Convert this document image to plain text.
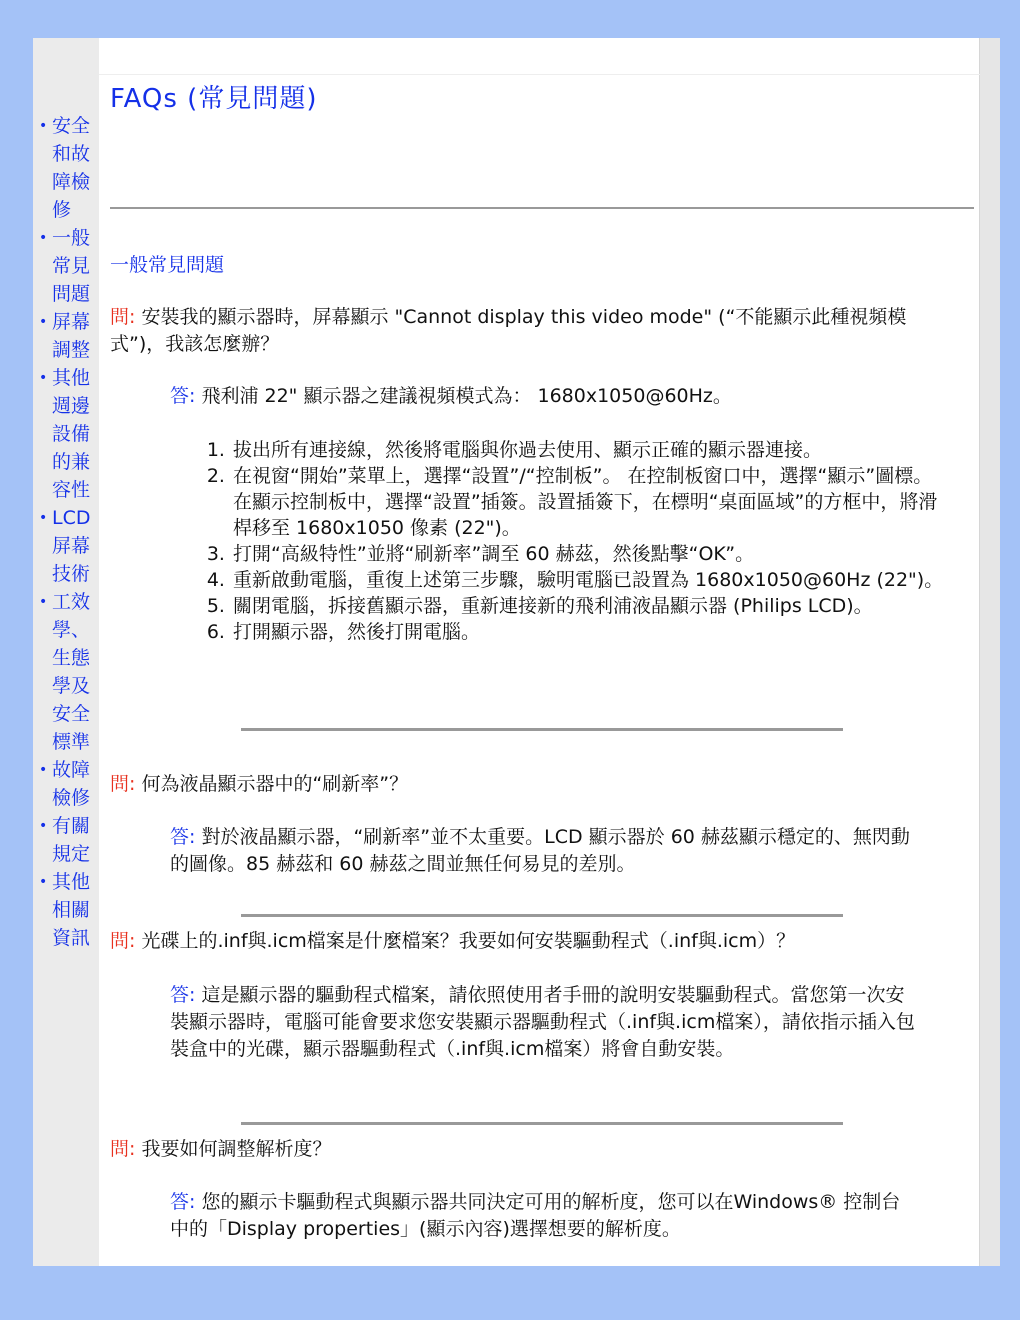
• 安全和故障檢修
• 一般常見問題
• 屏幕調整
• 其他週邊設備的兼容性
• LCD 屏幕技術
• 工效學、生態學及安全標準
• 故障檢修
• 有關規定
• 其他相關資訊
FAQs (常見問題)
一般常見問題
問: 安裝我的顯示器時，屏幕顯示 "Cannot display this video mode" (“不能顯示此種視頻模式”)，我該怎麼辦？
答: 飛利浦 22" 顯示器之建議視頻模式為： 1680x1050@60Hz。
1. 拔出所有連接線，然後將電腦與你過去使用、顯示正確的顯示器連接。
2. 在視窗“開始”菜單上，選擇“設置”/“控制板”。 在控制板窗口中，選擇“顯示”圖標。在顯示控制板中，選擇“設置”插簽。設置插簽下，在標明“桌面區域”的方框中，將滑桿移至 1680x1050 像素 (22")。
3. 打開“高級特性”並將“刷新率”調至 60 赫茲，然後點擊“OK”。
4. 重新啟動電腦，重復上述第三步驟，驗明電腦已設置為 1680x1050@60Hz (22")。
5. 關閉電腦，拆接舊顯示器，重新連接新的飛利浦液晶顯示器 (Philips LCD)。
6. 打開顯示器，然後打開電腦。
問: 何為液晶顯示器中的“刷新率”？
答: 對於液晶顯示器，“刷新率”並不太重要。LCD 顯示器於 60 赫茲顯示穩定的、無閃動的圖像。85 赫茲和 60 赫茲之間並無任何易見的差別。
問: 光碟上的.inf與.icm檔案是什麼檔案？我要如何安裝驅動程式（.inf與.icm）？
答: 這是顯示器的驅動程式檔案，請依照使用者手冊的說明安裝驅動程式。當您第一次安裝顯示器時，電腦可能會要求您安裝顯示器驅動程式（.inf與.icm檔案），請依指示插入包裝盒中的光碟，顯示器驅動程式（.inf與.icm檔案）將會自動安裝。
問: 我要如何調整解析度？
答: 您的顯示卡驅動程式與顯示器共同決定可用的解析度，您可以在Windows® 控制台中的「Display properties」(顯示內容)選擇想要的解析度。
